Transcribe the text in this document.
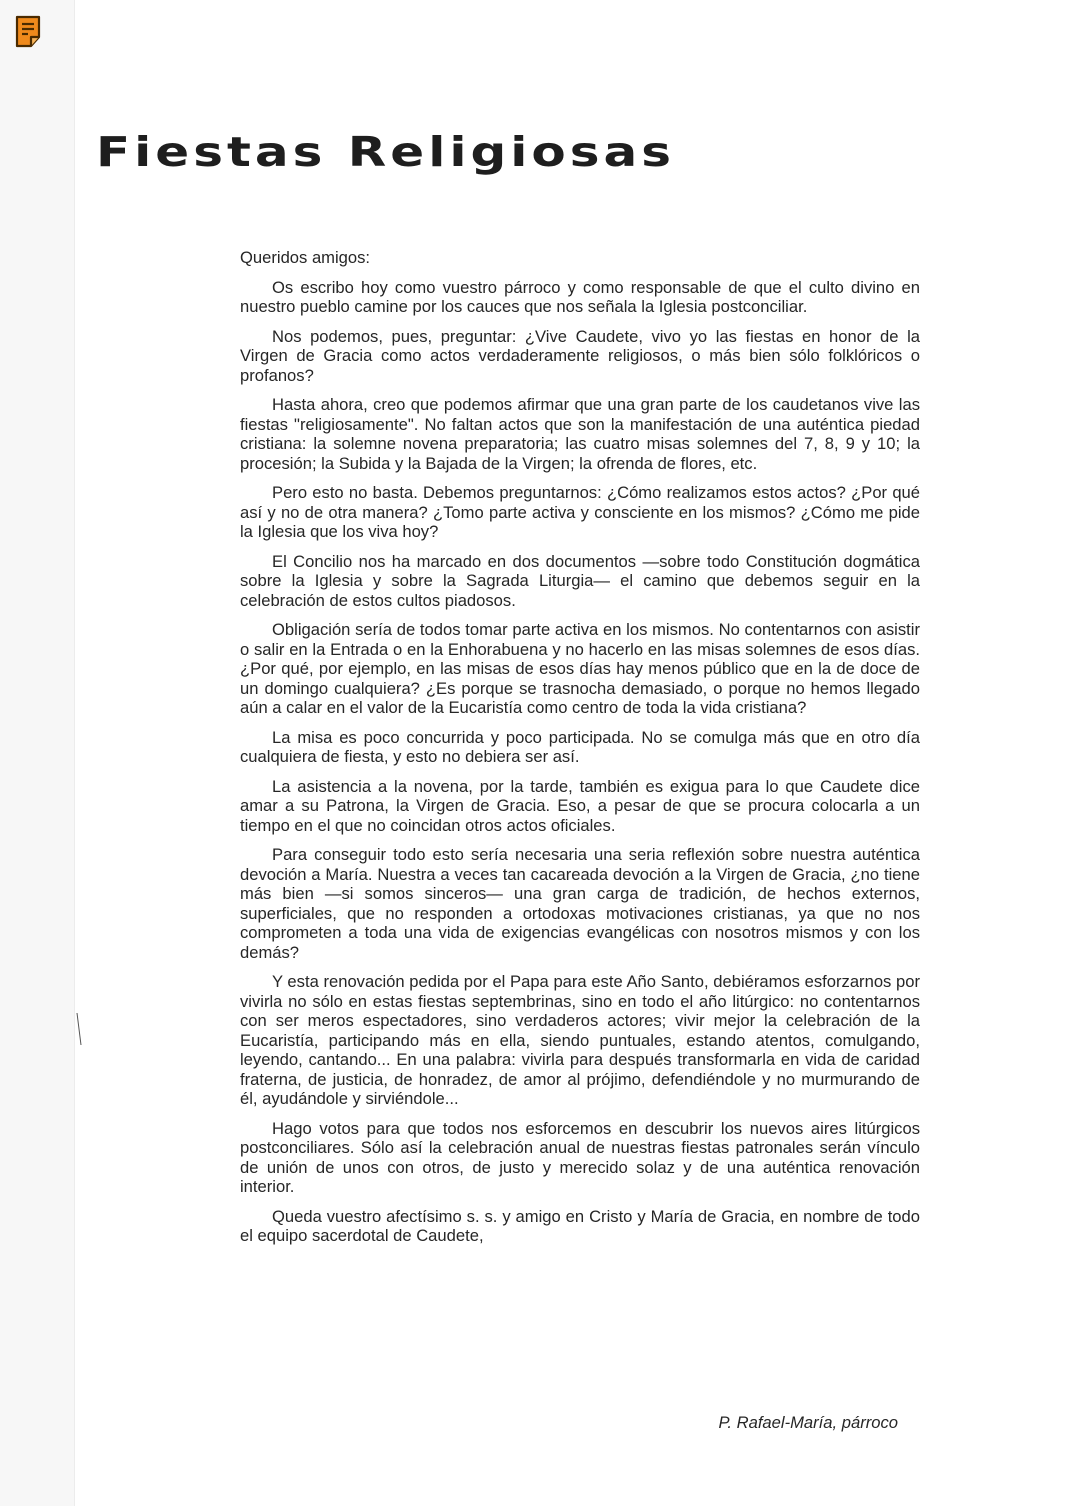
Fiestas Religiosas

Queridos amigos:

Os escribo hoy como vuestro párroco y como responsable de que el culto divino en nuestro pueblo camine por los cauces que nos señala la Iglesia postconciliar.

Nos podemos, pues, preguntar: ¿Vive Caudete, vivo yo las fiestas en honor de la Virgen de Gracia como actos verdaderamente religiosos, o más bien sólo folklóricos o profanos?

Hasta ahora, creo que podemos afirmar que una gran parte de los caudetanos vive las fiestas "religiosamente". No faltan actos que son la manifestación de una auténtica piedad cristiana: la solemne novena preparatoria; las cuatro misas solemnes del 7, 8, 9 y 10; la procesión; la Subida y la Bajada de la Virgen; la ofrenda de flores, etc.

Pero esto no basta. Debemos preguntarnos: ¿Cómo realizamos estos actos? ¿Por qué así y no de otra manera? ¿Tomo parte activa y consciente en los mismos? ¿Cómo me pide la Iglesia que los viva hoy?

El Concilio nos ha marcado en dos documentos —sobre todo Constitución dogmática sobre la Iglesia y sobre la Sagrada Liturgia— el camino que debemos seguir en la celebración de estos cultos piadosos.

Obligación sería de todos tomar parte activa en los mismos. No contentarnos con asistir o salir en la Entrada o en la Enhorabuena y no hacerlo en las misas solemnes de esos días. ¿Por qué, por ejemplo, en las misas de esos días hay menos público que en la de doce de un domingo cualquiera? ¿Es porque se trasnocha demasiado, o porque no hemos llegado aún a calar en el valor de la Eucaristía como centro de toda la vida cristiana?

La misa es poco concurrida y poco participada. No se comulga más que en otro día cualquiera de fiesta, y esto no debiera ser así.

La asistencia a la novena, por la tarde, también es exigua para lo que Caudete dice amar a su Patrona, la Virgen de Gracia. Eso, a pesar de que se procura colocarla a un tiempo en el que no coincidan otros actos oficiales.

Para conseguir todo esto sería necesaria una seria reflexión sobre nuestra auténtica devoción a María. Nuestra a veces tan cacareada devoción a la Virgen de Gracia, ¿no tiene más bien —si somos sinceros— una gran carga de tradición, de hechos externos, superficiales, que no responden a ortodoxas motivaciones cristianas, ya que no nos comprometen a toda una vida de exigencias evangélicas con nosotros mismos y con los demás?

Y esta renovación pedida por el Papa para este Año Santo, debiéramos esforzarnos por vivirla no sólo en estas fiestas septembrinas, sino en todo el año litúrgico: no contentarnos con ser meros espectadores, sino verdaderos actores; vivir mejor la celebración de la Eucaristía, participando más en ella, siendo puntuales, estando atentos, comulgando, leyendo, cantando... En una palabra: vivirla para después transformarla en vida de caridad fraterna, de justicia, de honradez, de amor al prójimo, defendiéndole y no murmurando de él, ayudándole y sirviéndole...

Hago votos para que todos nos esforcemos en descubrir los nuevos aires litúrgicos postconciliares. Sólo así la celebración anual de nuestras fiestas patronales serán vínculo de unión de unos con otros, de justo y merecido solaz y de una auténtica renovación interior.

Queda vuestro afectísimo s. s. y amigo en Cristo y María de Gracia, en nombre de todo el equipo sacerdotal de Caudete,

P. Rafael-María, párroco
